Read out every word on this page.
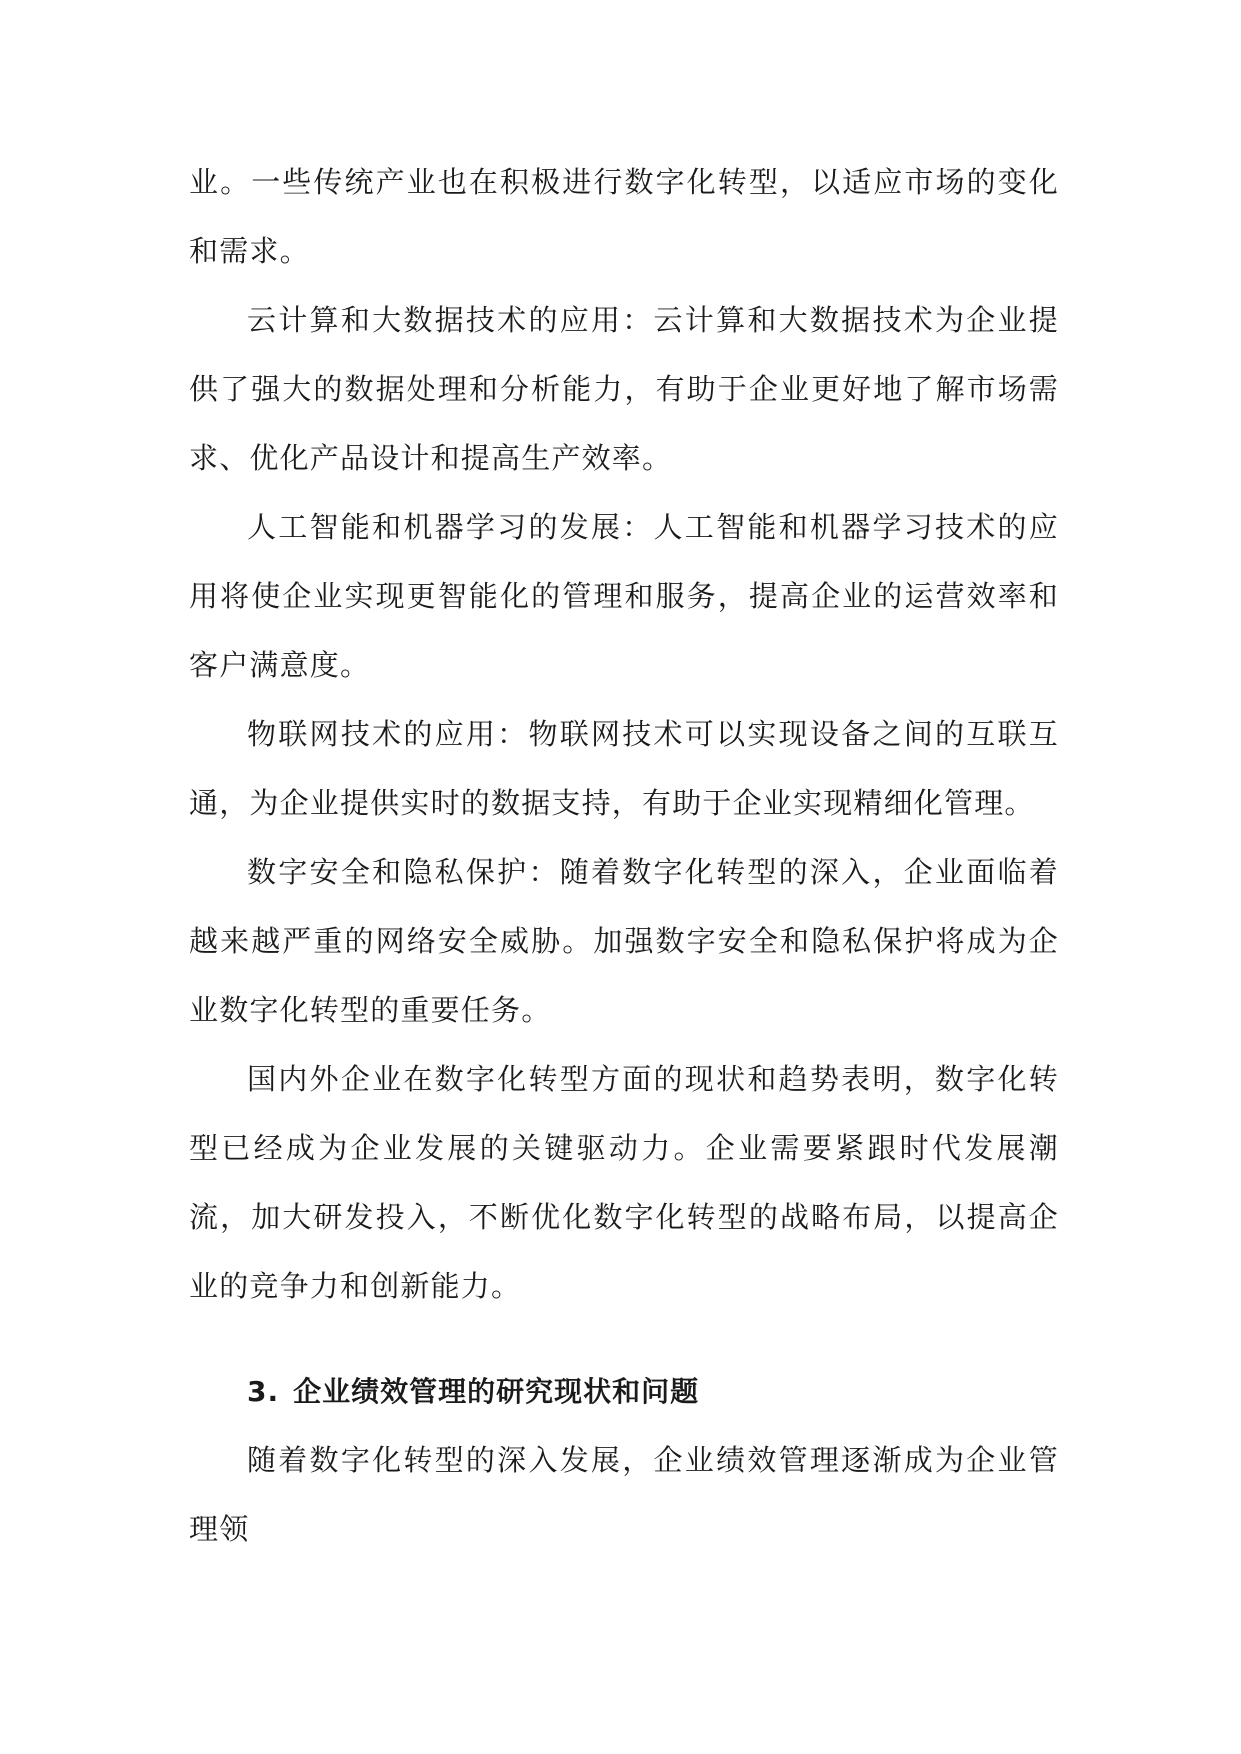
业。一些传统产业也在积极进行数字化转型，以适应市场的变化和需求。

云计算和大数据技术的应用：云计算和大数据技术为企业提供了强大的数据处理和分析能力，有助于企业更好地了解市场需求、优化产品设计和提高生产效率。

人工智能和机器学习的发展：人工智能和机器学习技术的应用将使企业实现更智能化的管理和服务，提高企业的运营效率和客户满意度。

物联网技术的应用：物联网技术可以实现设备之间的互联互通，为企业提供实时的数据支持，有助于企业实现精细化管理。

数字安全和隐私保护：随着数字化转型的深入，企业面临着越来越严重的网络安全威胁。加强数字安全和隐私保护将成为企业数字化转型的重要任务。

国内外企业在数字化转型方面的现状和趋势表明，数字化转型已经成为企业发展的关键驱动力。企业需要紧跟时代发展潮流，加大研发投入，不断优化数字化转型的战略布局，以提高企业的竞争力和创新能力。

3. 企业绩效管理的研究现状和问题

随着数字化转型的深入发展，企业绩效管理逐渐成为企业管理领
